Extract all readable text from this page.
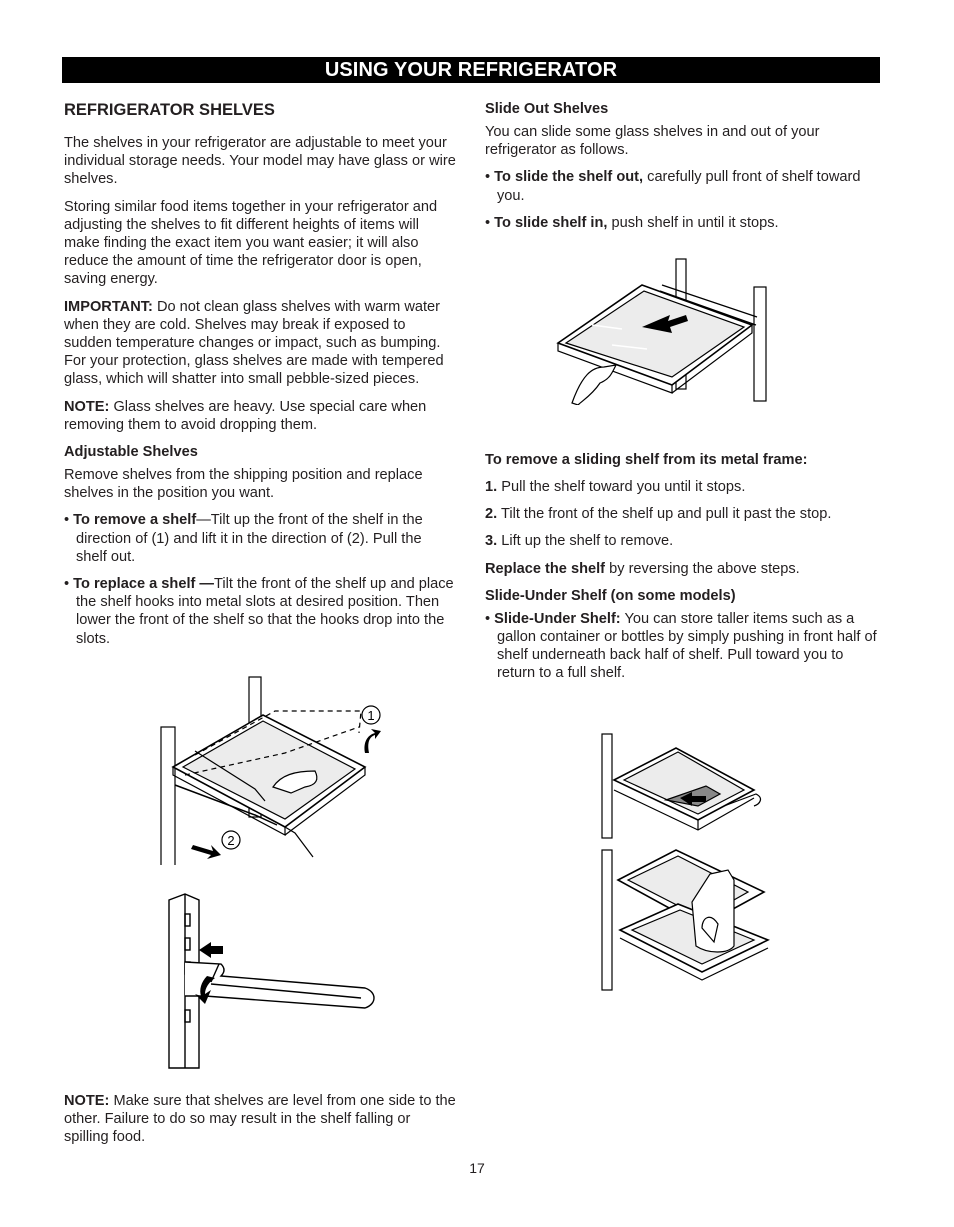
USING YOUR REFRIGERATOR
REFRIGERATOR SHELVES

The shelves in your refrigerator are adjustable to meet your individual storage needs. Your model may have glass or wire shelves.

Storing similar food items together in your refrigerator and adjusting the shelves to fit different heights of items will make finding the exact item you want easier; it will also reduce the amount of time the refrigerator door is open, saving energy.

IMPORTANT: Do not clean glass shelves with warm water when they are cold. Shelves may break if exposed to sudden temperature changes or impact, such as bumping. For your protection, glass shelves are made with tempered glass, which will shatter into small pebble-sized pieces.

NOTE: Glass shelves are heavy. Use special care when removing them to avoid dropping them.

Adjustable Shelves

Remove shelves from the shipping position and replace shelves in the position you want.

• To remove a shelf—Tilt up the front of the shelf in the direction of (1) and lift it in the direction of (2). Pull the shelf out.

• To replace a shelf —Tilt the front of the shelf up and place the shelf hooks into metal slots at desired position. Then lower the front of the shelf so that the hooks drop into the slots.

Slide Out Shelves

You can slide some glass shelves in and out of your refrigerator as follows.

• To slide the shelf out, carefully pull front of shelf toward you.

• To slide shelf in, push shelf in until it stops.

To remove a sliding shelf from its metal frame:

1. Pull the shelf toward you until it stops.

2. Tilt the front of the shelf up and pull it past the stop.

3. Lift up the shelf to remove.

Replace the shelf by reversing the above steps.

Slide-Under Shelf (on some models)

• Slide-Under Shelf: You can store taller items such as a gallon container or bottles by simply pushing in front half of shelf underneath back half of shelf. Pull toward you to return to a full shelf.

1
2
NOTE: Make sure that shelves are level from one side to the other. Failure to do so may result in the shelf falling or spilling food.
17
